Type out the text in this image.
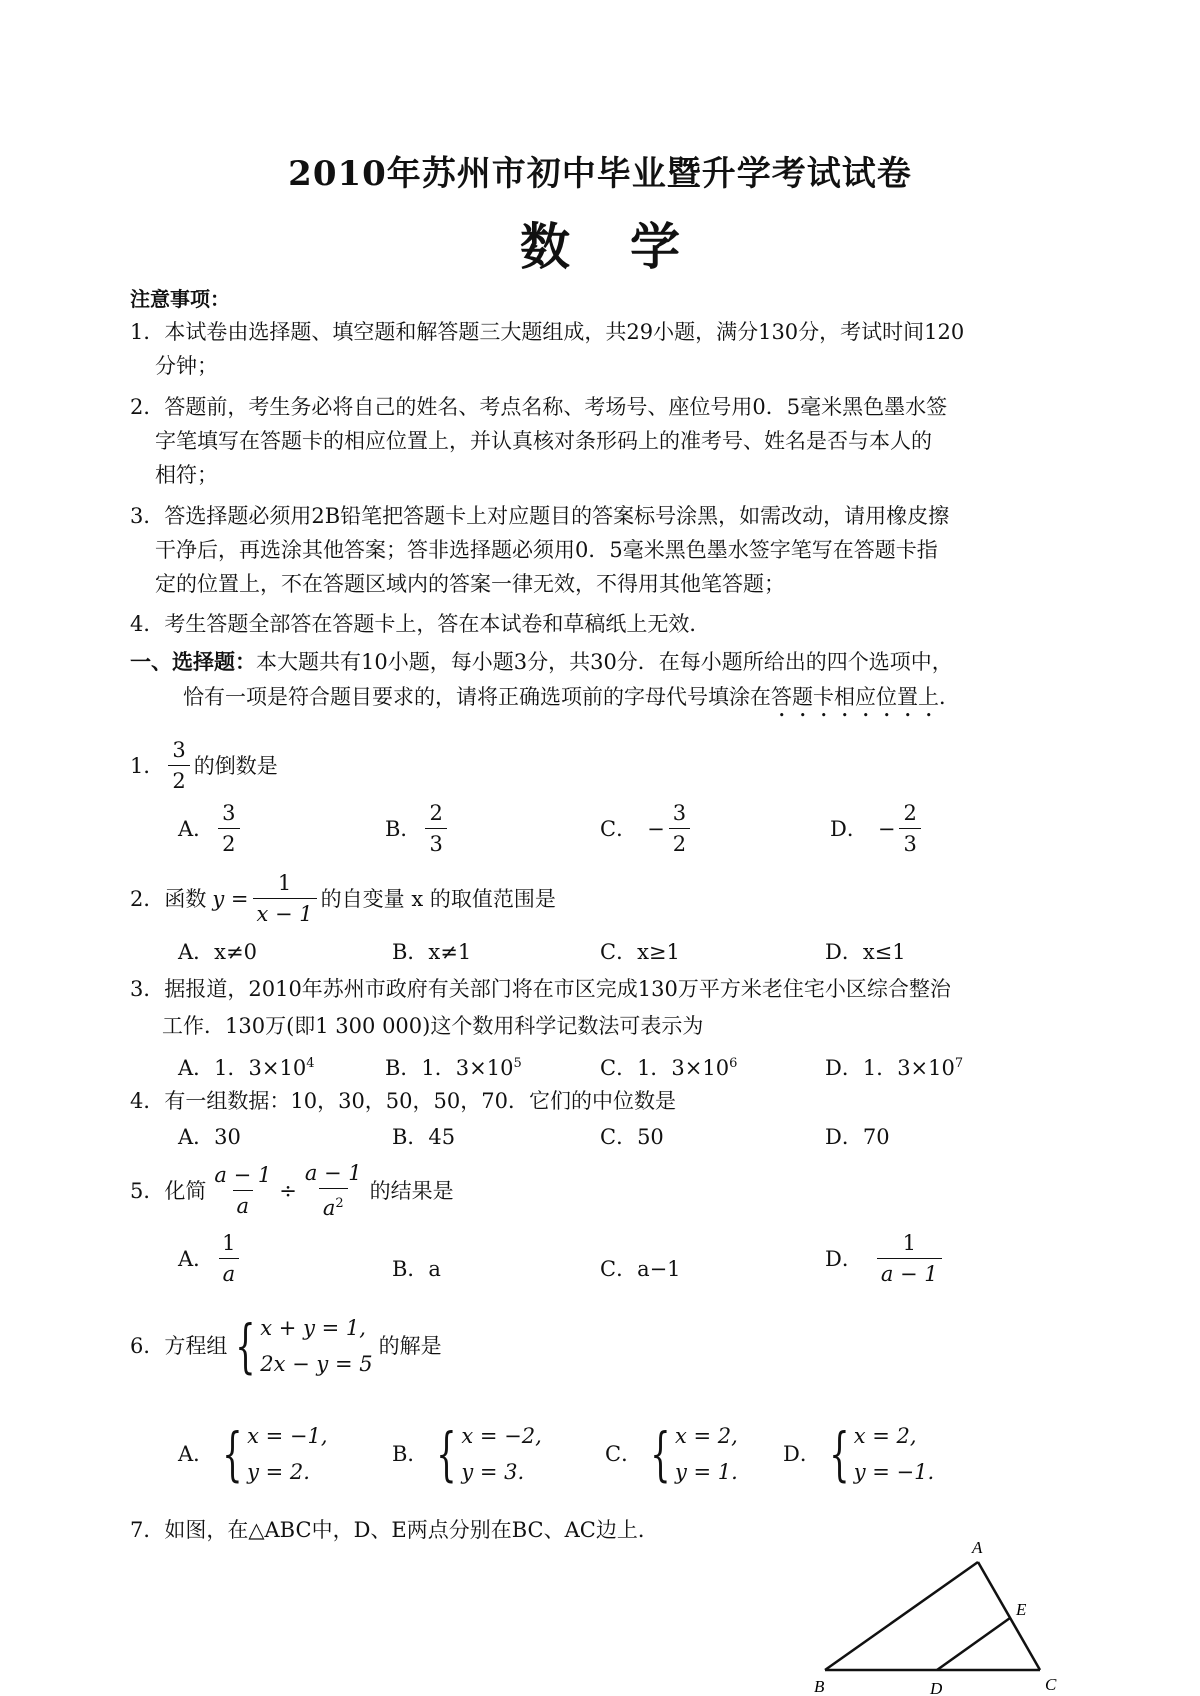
2010年苏州市初中毕业暨升学考试试卷
数学
注意事项：
1．本试卷由选择题、填空题和解答题三大题组成，共29小题，满分130分，考试时间120
分钟；
2．答题前，考生务必将自己的姓名、考点名称、考场号、座位号用0．5毫米黑色墨水签
字笔填写在答题卡的相应位置上，并认真核对条形码上的准考号、姓名是否与本人的
相符；
3．答选择题必须用2B铅笔把答题卡上对应题目的答案标号涂黑，如需改动，请用橡皮擦
干净后，再选涂其他答案；答非选择题必须用0．5毫米黑色墨水签字笔写在答题卡指
定的位置上，不在答题区域内的答案一律无效，不得用其他笔答题；
4．考生答题全部答在答题卡上，答在本试卷和草稿纸上无效．
一、选择题：本大题共有10小题，每小题3分，共30分．在每小题所给出的四个选项中，
恰有一项是符合题目要求的，请将正确选项前的字母代号填涂在答题卡相应位置上．
1． $\frac{3}{2}$ 的倒数是
A． $\frac{3}{2}$	B． $\frac{2}{3}$	C． − $\frac{3}{2}$	D． − $\frac{2}{3}$
2．函数 $y = \frac{1}{x - 1}$ 的自变量 x 的取值范围是
A．x≠0	B．x≠1	C．x≥1	D．x≤1
3．据报道，2010年苏州市政府有关部门将在市区完成130万平方米老住宅小区综合整治
工作．130万(即1 300 000)这个数用科学记数法可表示为
A．1．$3\times 10^4$	B．1．$3\times 10^5$	C．1．$3\times 10^6$	D．1．$3\times 10^7$
4．有一组数据：10，30，50，50，70．它们的中位数是
A．30	B．45	C．50	D．70
5．化简 $\frac{a - 1}{a} \div \frac{a - 1}{a^2}$ 的结果是
A． $\frac{1}{a}$	B．a	C．a−1	D． $\frac{1}{a - 1}$
6．方程组 { x + y = 1,
2x − y = 5
的解是
A． { x = −1,
y = 2.
B． { x = −2,
y = 3.
C． { x = 2,
y = 1.
D． { x = 2,
y = −1.
7．如图，在△ABC中，D、E两点分别在BC、AC边上．
A
B	C
D
E
